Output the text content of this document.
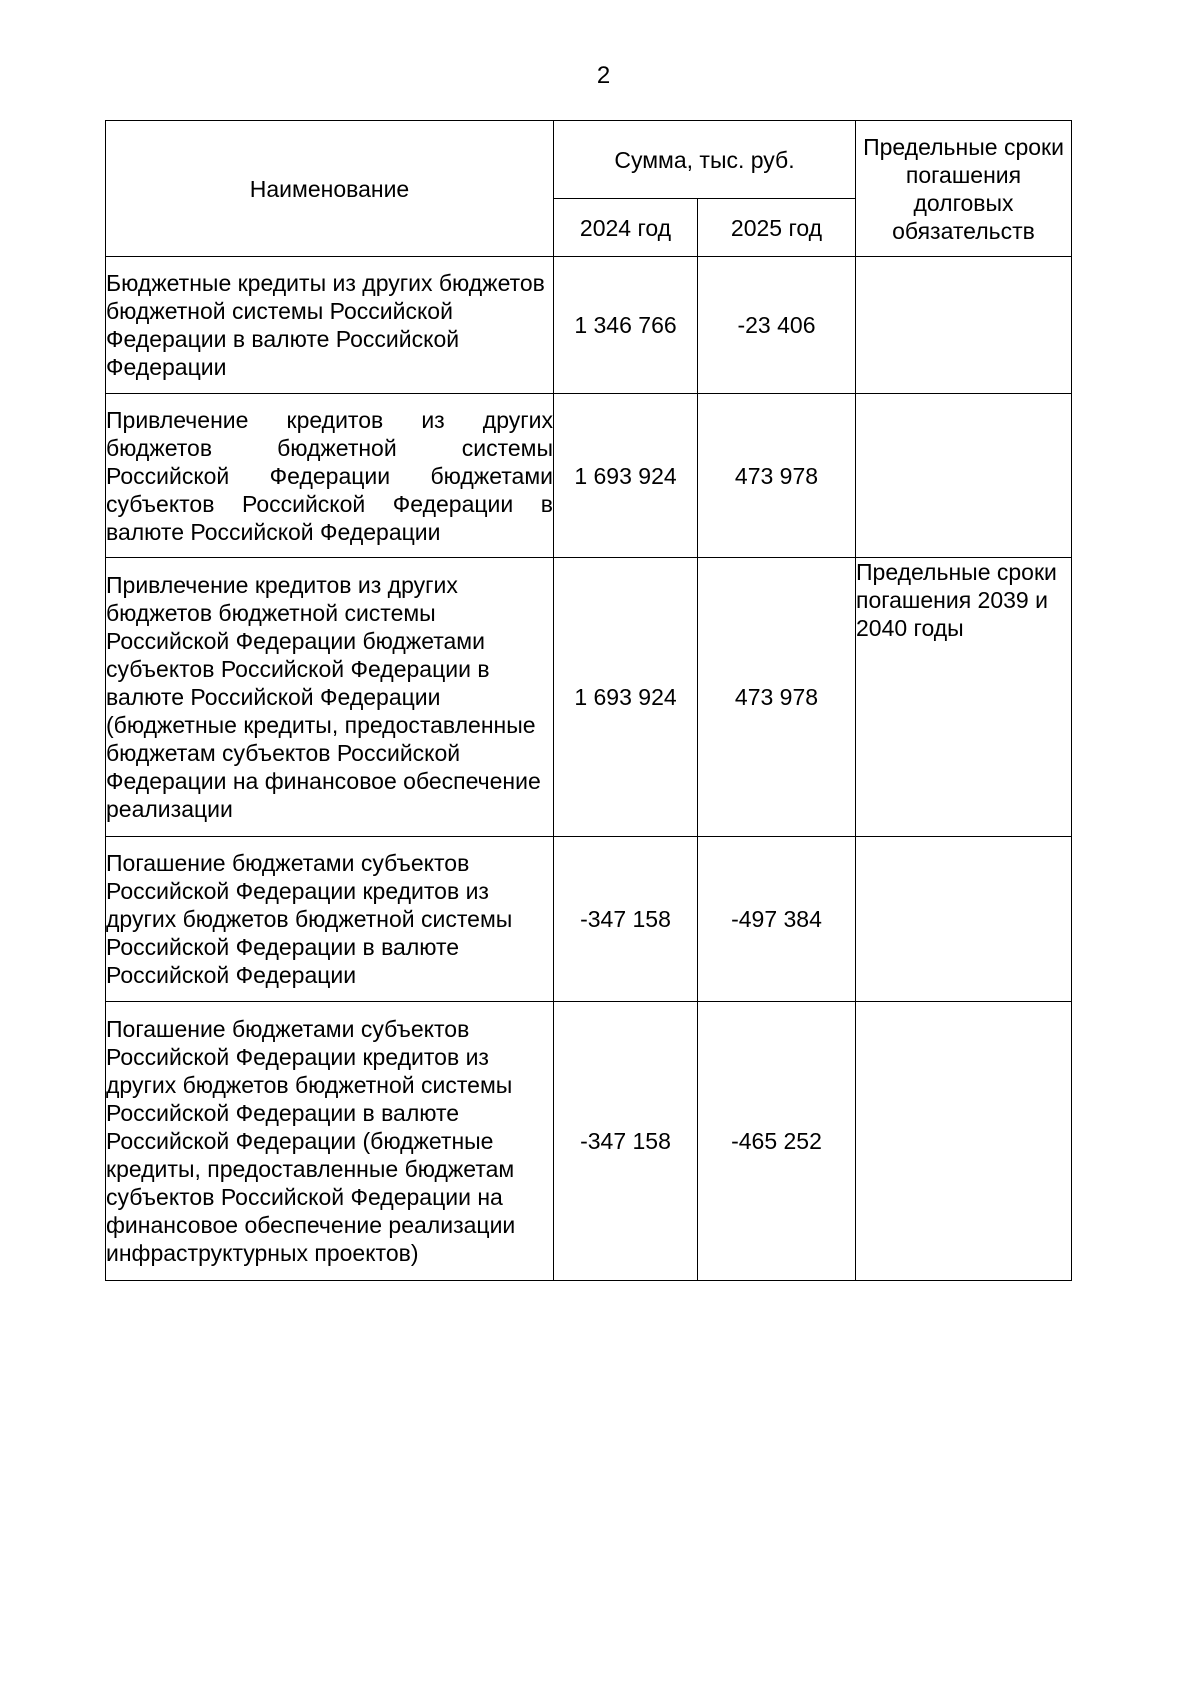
2
Наименование	Сумма, тыс. руб.		Предельные сроки погашения долговых обязательств
	2024 год	2025 год	
Бюджетные кредиты из других бюджетов бюджетной системы Российской Федерации в валюте Российской Федерации	1 346 766	-23 406	
Привлечение кредитов из других бюджетов бюджетной системы Российской Федерации бюджетами субъектов Российской Федерации в валюте Российской Федерации	1 693 924	473 978	
Привлечение кредитов из других бюджетов бюджетной системы Российской Федерации бюджетами субъектов Российской Федерации в валюте Российской Федерации (бюджетные кредиты, предоставленные бюджетам субъектов Российской Федерации на финансовое обеспечение реализации	1 693 924	473 978	Предельные сроки погашения 2039 и 2040 годы
Погашение бюджетами субъектов Российской Федерации кредитов из других бюджетов бюджетной системы Российской Федерации в валюте Российской Федерации	-347 158	-497 384	
Погашение бюджетами субъектов Российской Федерации кредитов из других бюджетов бюджетной системы Российской Федерации в валюте Российской Федерации (бюджетные кредиты, предоставленные бюджетам субъектов Российской Федерации на финансовое обеспечение реализации инфраструктурных проектов)	-347 158	-465 252	
